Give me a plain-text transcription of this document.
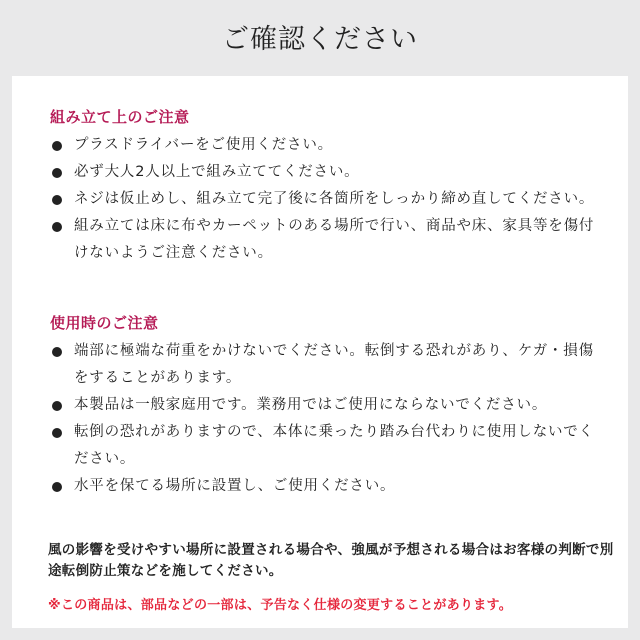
ご確認ください
組み立て上のご注意
プラスドライバーをご使用ください。
必ず大人2人以上で組み立ててください。
ネジは仮止めし、組み立て完了後に各箇所をしっかり締め直してください。
組み立ては床に布やカーペットのある場所で行い、商品や床、家具等を傷付けないようご注意ください。
使用時のご注意
端部に極端な荷重をかけないでください。転倒する恐れがあり、ケガ・損傷をすることがあります。
本製品は一般家庭用です。業務用ではご使用にならないでください。
転倒の恐れがありますので、本体に乗ったり踏み台代わりに使用しないでください。
水平を保てる場所に設置し、ご使用ください。
風の影響を受けやすい場所に設置される場合や、強風が予想される場合はお客様の判断で別途転倒防止策などを施してください。
※この商品は、部品などの一部は、予告なく仕様の変更することがあります。
